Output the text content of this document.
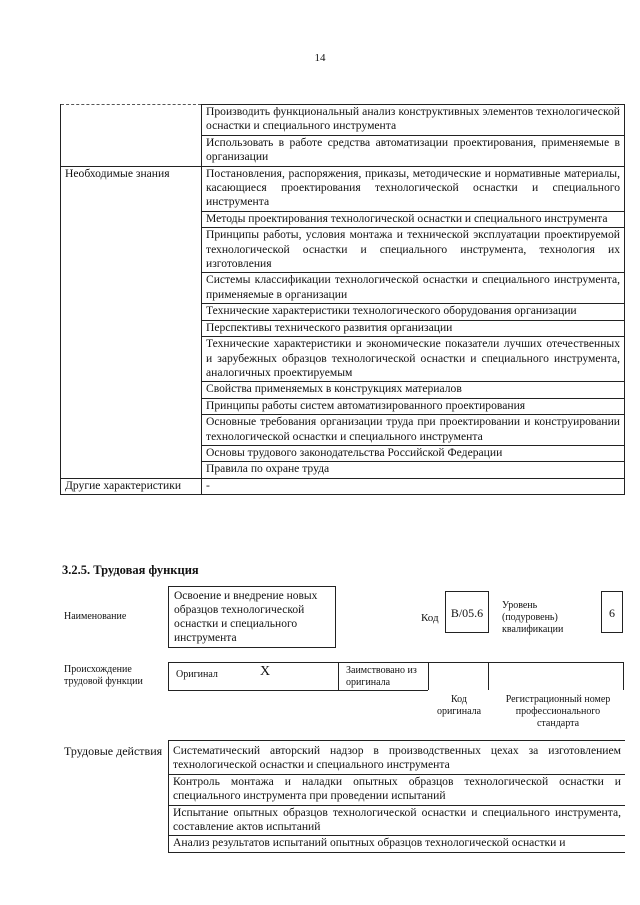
14
	Производить функциональный анализ конструктивных элементов технологической оснастки и специального инструмента
	Использовать в работе средства автоматизации проектирования, применяемые в организации
Необходимые знания	Постановления, распоряжения, приказы, методические и нормативные материалы, касающиеся проектирования технологической оснастки и специального инструмента
	Методы проектирования технологической оснастки и специального инструмента
	Принципы работы, условия монтажа и технической эксплуатации проектируемой технологической оснастки и специального инструмента, технология их изготовления
	Системы классификации технологической оснастки и специального инструмента, применяемые в организации
	Технические характеристики технологического оборудования организации
	Перспективы технического развития организации
	Технические характеристики и экономические показатели лучших отечественных и зарубежных образцов технологической оснастки и специального инструмента, аналогичных проектируемым
	Свойства применяемых в конструкциях материалов
	Принципы работы систем автоматизированного проектирования
	Основные требования организации труда при проектировании и конструировании технологической оснастки и специального инструмента
	Основы трудового законодательства Российской Федерации
	Правила по охране труда
Другие характеристики	-
3.2.5. Трудовая функция
Наименование
Освоение и внедрение новых образцов технологической оснастки и специального инструмента
Код	B/05.6
Уровень (подуровень) квалификации
6
Происхождение трудовой функции
Оригинал	X	Заимствовано из оригинала
Код оригинала
Регистрационный номер профессионального стандарта
Трудовые действия	Систематический авторский надзор в производственных цехах за изготовлением технологической оснастки и специального инструмента
	Контроль монтажа и наладки опытных образцов технологической оснастки и специального инструмента при проведении испытаний
	Испытание опытных образцов технологической оснастки и специального инструмента, составление актов испытаний
	Анализ результатов испытаний опытных образцов технологической оснастки и
